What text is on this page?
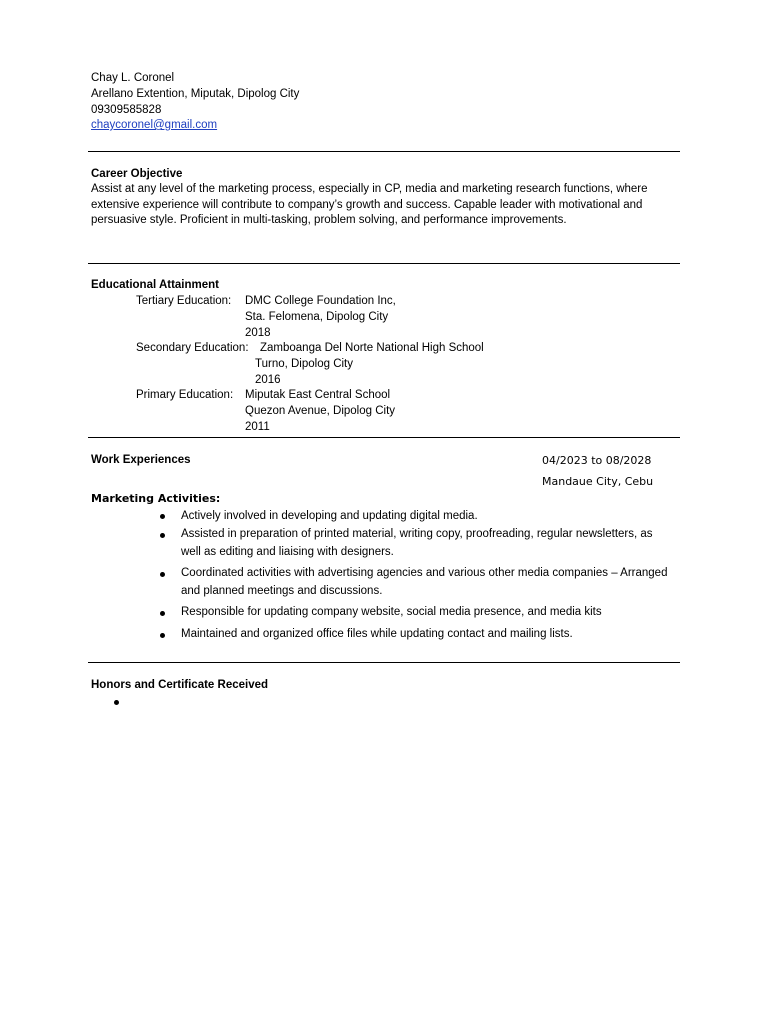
Chay L. Coronel
Arellano Extention, Miputak, Dipolog City
09309585828
chaycoronel@gmail.com
Career Objective
Assist at any level of the marketing process, especially in CP, media and marketing research functions, where extensive experience will contribute to company’s growth and success. Capable leader with motivational and persuasive style. Proficient in multi-tasking, problem solving, and performance improvements.
Educational Attainment
Tertiary Education: DMC College Foundation Inc,
Sta. Felomena, Dipolog City
2018
Secondary Education: Zamboanga Del Norte National High School
Turno, Dipolog City
2016
Primary Education: Miputak East Central School
Quezon Avenue, Dipolog City
2011
Work Experiences	04/2023 to 08/2028
Mandaue City, Cebu
Marketing Activities:
Actively involved in developing and updating digital media.
Assisted in preparation of printed material, writing copy, proofreading, regular newsletters, as well as editing and liaising with designers.
Coordinated activities with advertising agencies and various other media companies – Arranged and planned meetings and discussions.
Responsible for updating company website, social media presence, and media kits
Maintained and organized office files while updating contact and mailing lists.
Honors and Certificate Received
